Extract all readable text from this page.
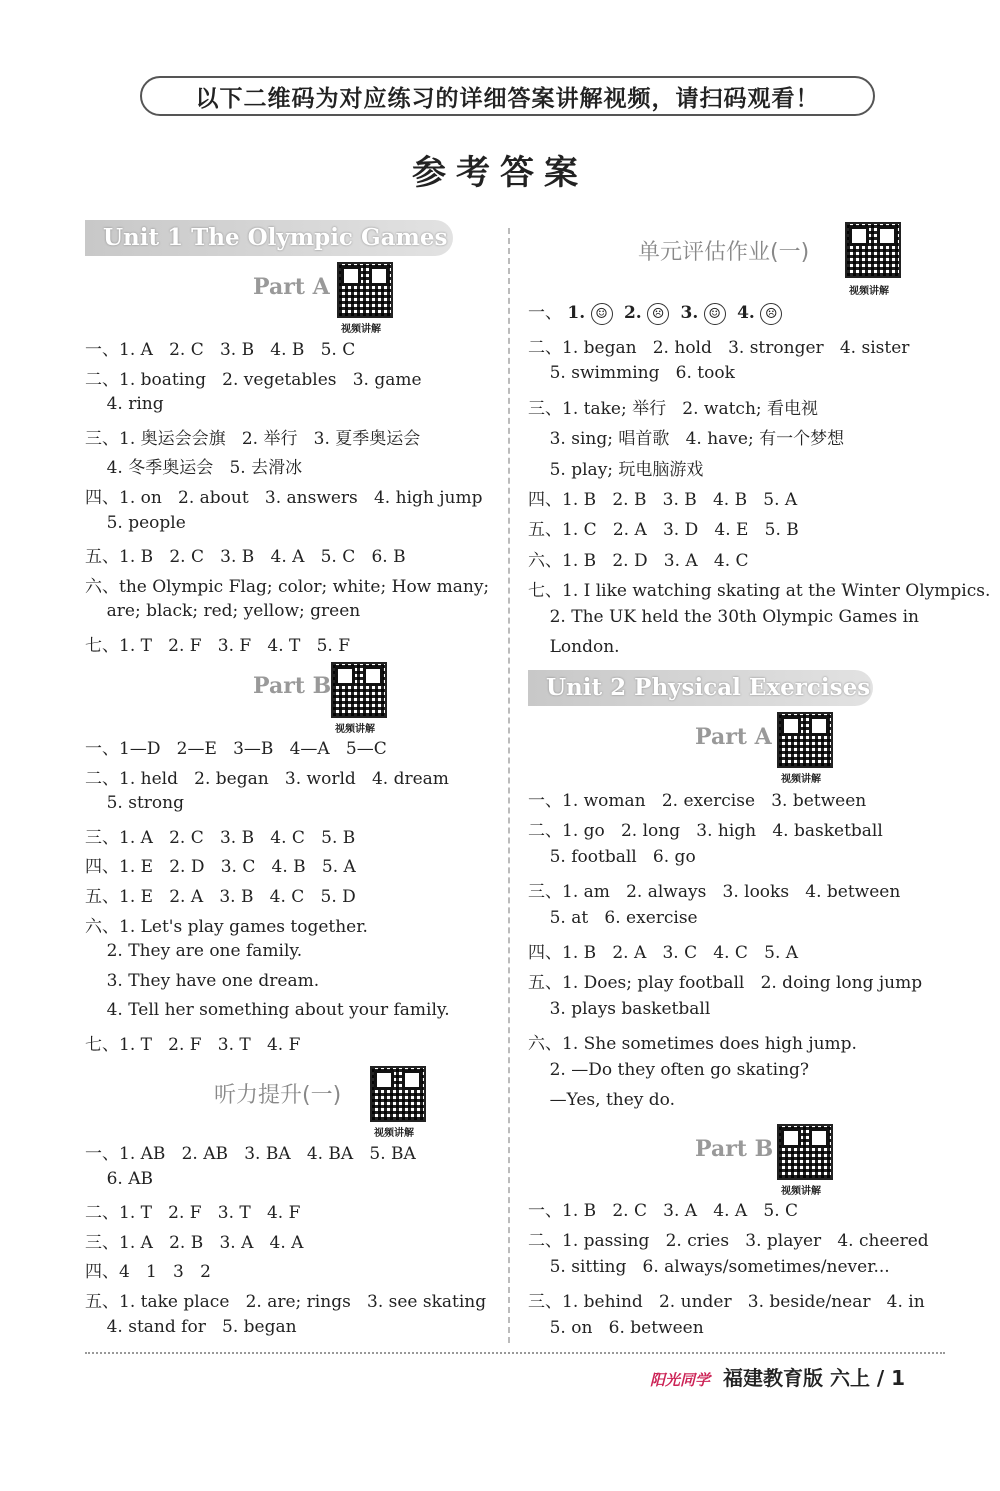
以下二维码为对应练习的详细答案讲解视频，请扫码观看！
参考答案
Unit 1 The Olympic Games
Part A
视频讲解
一、1. A   2. C   3. B   4. B   5. C
二、1. boating   2. vegetables   3. game
4. ring
三、1. 奥运会会旗   2. 举行   3. 夏季奥运会
4. 冬季奥运会   5. 去滑冰
四、1. on   2. about   3. answers   4. high jump
5. people
五、1. B   2. C   3. B   4. A   5. C   6. B
六、the Olympic Flag; color; white; How many;
are; black; red; yellow; green
七、1. T   2. F   3. F   4. T   5. F
Part B
视频讲解
一、1—D   2—E   3—B   4—A   5—C
二、1. held   2. began   3. world   4. dream
5. strong
三、1. A   2. C   3. B   4. C   5. B
四、1. E   2. D   3. C   4. B   5. A
五、1. E   2. A   3. B   4. C   5. D
六、1. Let's play games together.
2. They are one family.
3. They have one dream.
4. Tell her something about your family.
七、1. T   2. F   3. T   4. F
听力提升(一)
视频讲解
一、1. AB   2. AB   3. BA   4. BA   5. BA
6. AB
二、1. T   2. F   3. T   4. F
三、1. A   2. B   3. A   4. A
四、4   1   3   2
五、1. take place   2. are; rings   3. see skating
4. stand for   5. began
单元评估作业(一)
视频讲解
一、 1. ☺ 2. ☹ 3. ☺ 4. ☹
二、1. began   2. hold   3. stronger   4. sister
5. swimming   6. took
三、1. take; 举行   2. watch; 看电视
3. sing; 唱首歌   4. have; 有一个梦想
5. play; 玩电脑游戏
四、1. B   2. B   3. B   4. B   5. A
五、1. C   2. A   3. D   4. E   5. B
六、1. B   2. D   3. A   4. C
七、1. I like watching skating at the Winter Olympics.
2. The UK held the 30th Olympic Games in
London.
Unit 2 Physical Exercises
Part A
视频讲解
一、1. woman   2. exercise   3. between
二、1. go   2. long   3. high   4. basketball
5. football   6. go
三、1. am   2. always   3. looks   4. between
5. at   6. exercise
四、1. B   2. A   3. C   4. C   5. A
五、1. Does; play football   2. doing long jump
3. plays basketball
六、1. She sometimes does high jump.
2. —Do they often go skating?
—Yes, they do.
Part B
视频讲解
一、1. B   2. C   3. A   4. A   5. C
二、1. passing   2. cries   3. player   4. cheered
5. sitting   6. always/sometimes/never...
三、1. behind   2. under   3. beside/near   4. in
5. on   6. between
阳光同学 福建教育版 六上 / 1
